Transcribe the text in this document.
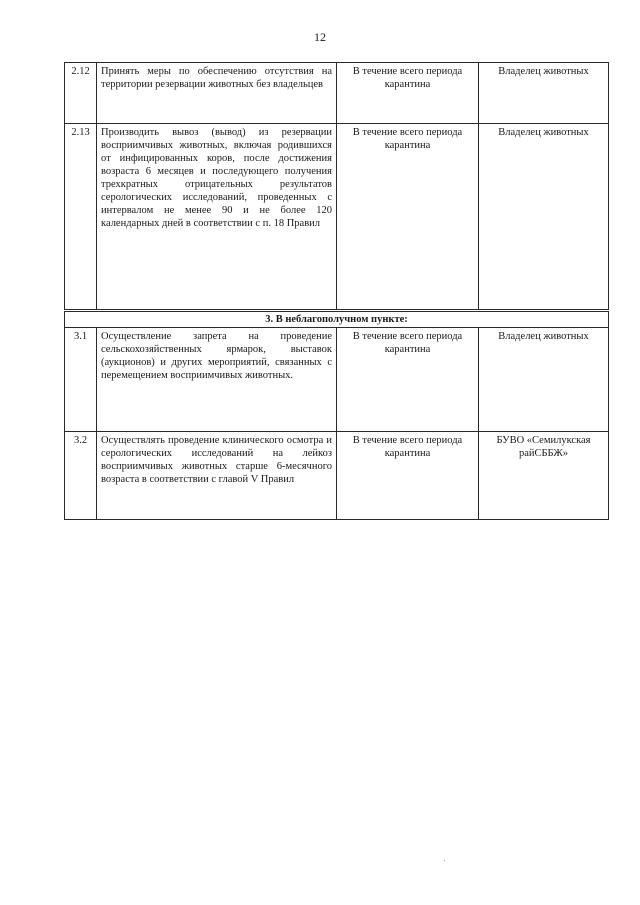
12
2.12	Принять меры по обеспечению отсутствия на территории резервации животных без владельцев	В течение всего периода карантина	Владелец животных
2.13	Производить вывоз (вывод) из резервации восприимчивых животных, включая родившихся от инфицированных коров, после достижения возраста 6 месяцев и последующего получения трехкратных отрицательных результатов серологических исследований, проведенных с интервалом не менее 90 и не более 120 календарных дней в соответствии с п. 18 Правил	В течение всего периода карантина	Владелец животных
3. В неблагополучном пункте:			
3.1	Осуществление запрета на проведение сельскохозяйственных ярмарок, выставок (аукционов) и других мероприятий, связанных с перемещением восприимчивых животных.	В течение всего периода карантина	Владелец животных
3.2	Осуществлять проведение клинического осмотра и серологических исследований на лейкоз восприимчивых животных старше 6-месячного возраста в соответствии с главой V Правил	В течение всего периода карантина	БУВО «Семилукская райСББЖ»
